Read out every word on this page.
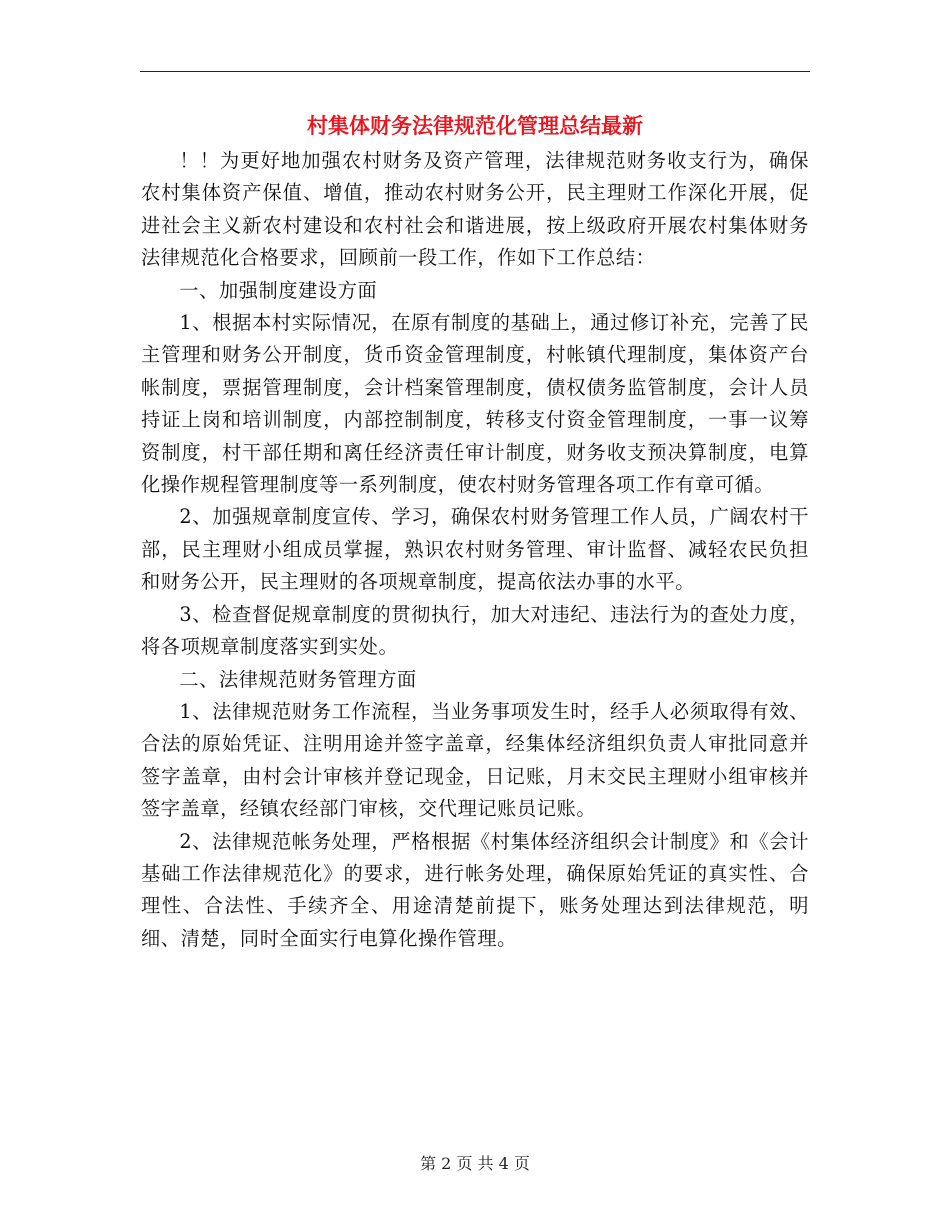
村集体财务法律规范化管理总结最新

！！为更好地加强农村财务及资产管理，法律规范财务收支行为，确保农村集体资产保值、增值，推动农村财务公开，民主理财工作深化开展，促进社会主义新农村建设和农村社会和谐进展，按上级政府开展农村集体财务法律规范化合格要求，回顾前一段工作，作如下工作总结：

一、加强制度建设方面

1、根据本村实际情况，在原有制度的基础上，通过修订补充，完善了民主管理和财务公开制度，货币资金管理制度，村帐镇代理制度，集体资产台帐制度，票据管理制度，会计档案管理制度，债权债务监管制度，会计人员持证上岗和培训制度，内部控制制度，转移支付资金管理制度，一事一议筹资制度，村干部任期和离任经济责任审计制度，财务收支预决算制度，电算化操作规程管理制度等一系列制度，使农村财务管理各项工作有章可循。

2、加强规章制度宣传、学习，确保农村财务管理工作人员，广阔农村干部，民主理财小组成员掌握，熟识农村财务管理、审计监督、减轻农民负担和财务公开，民主理财的各项规章制度，提高依法办事的水平。

3、检查督促规章制度的贯彻执行，加大对违纪、违法行为的查处力度，将各项规章制度落实到实处。

二、法律规范财务管理方面

1、法律规范财务工作流程，当业务事项发生时，经手人必须取得有效、合法的原始凭证、注明用途并签字盖章，经集体经济组织负责人审批同意并签字盖章，由村会计审核并登记现金，日记账，月末交民主理财小组审核并签字盖章，经镇农经部门审核，交代理记账员记账。

2、法律规范帐务处理，严格根据《村集体经济组织会计制度》和《会计基础工作法律规范化》的要求，进行帐务处理，确保原始凭证的真实性、合理性、合法性、手续齐全、用途清楚前提下，账务处理达到法律规范，明细、清楚，同时全面实行电算化操作管理。

第 2 页 共 4 页
